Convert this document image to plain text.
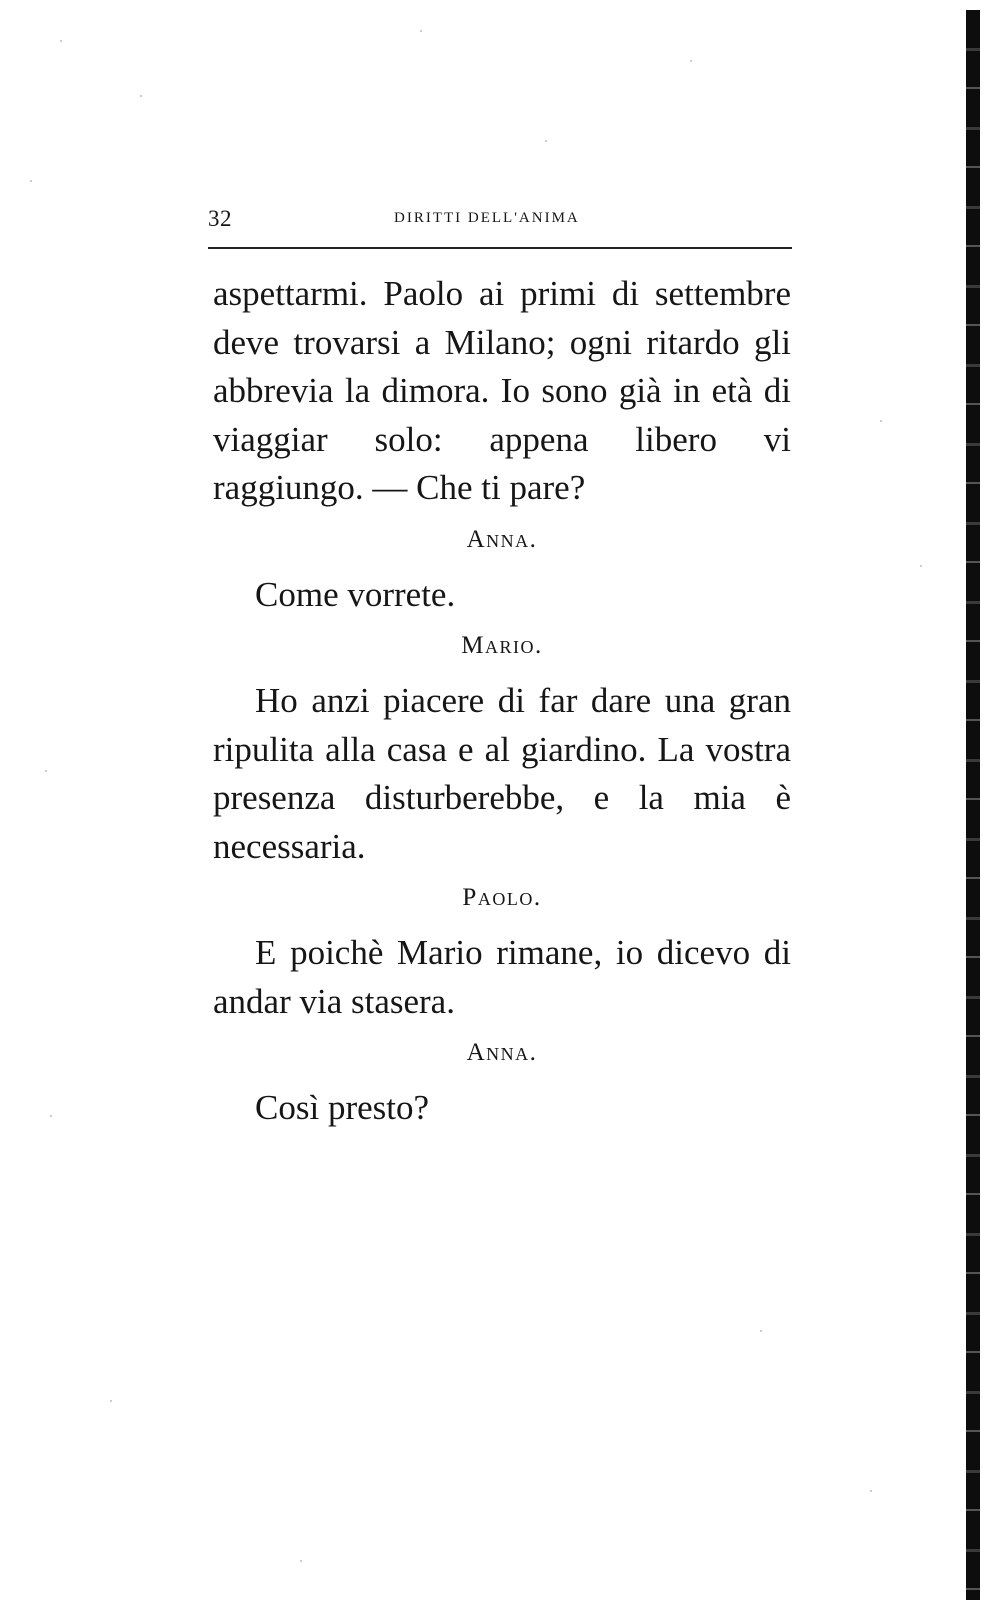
32	DIRITTI DELL'ANIMA

aspettarmi. Paolo ai primi di settembre deve trovarsi a Milano; ogni ritardo gli abbrevia la dimora. Io sono già in età di viaggiar solo: appena libero vi raggiungo. — Che ti pare?

Anna.

Come vorrete.

Mario.

Ho anzi piacere di far dare una gran ripulita alla casa e al giardino. La vostra presenza disturberebbe, e la mia è necessaria.

Paolo.

E poichè Mario rimane, io dicevo di andar via stasera.

Anna.

Così presto?
